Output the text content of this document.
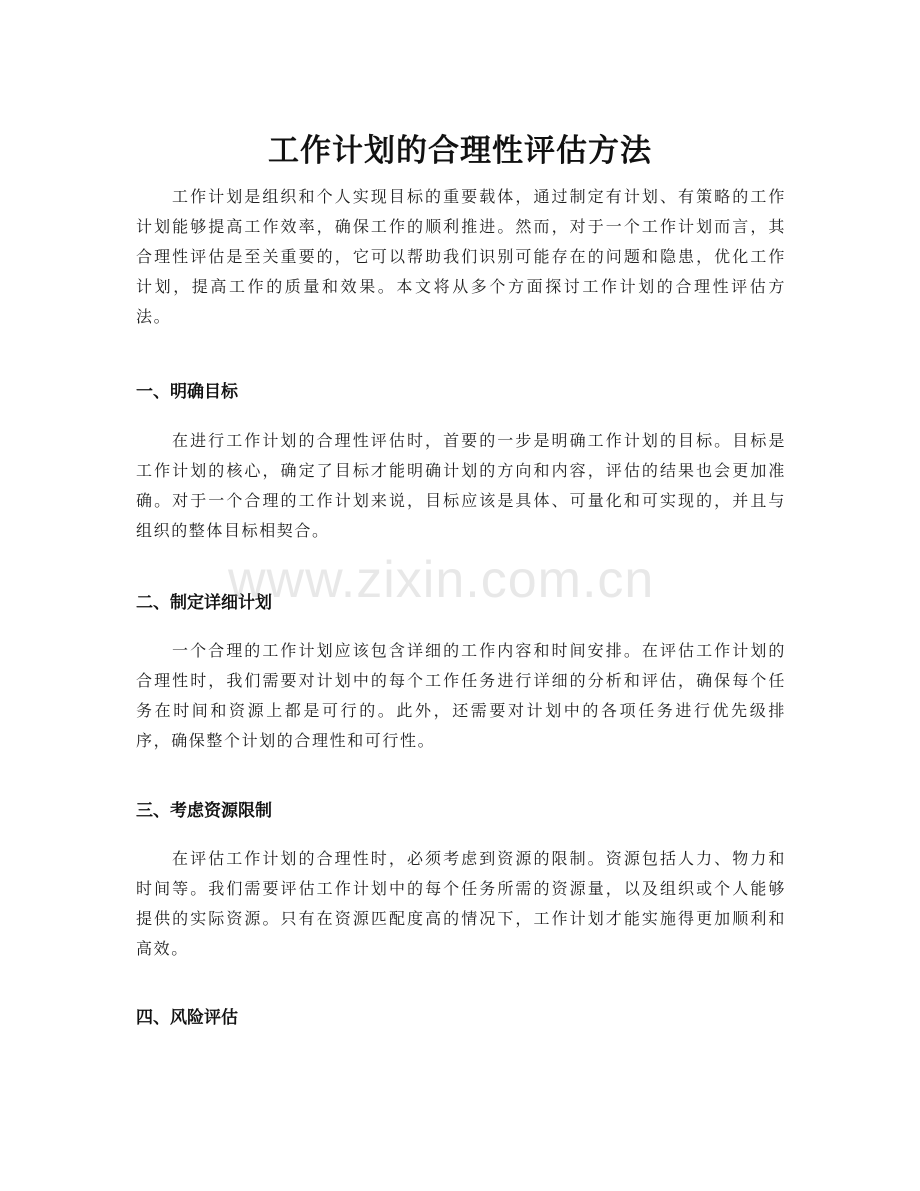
工作计划的合理性评估方法

工作计划是组织和个人实现目标的重要载体，通过制定有计划、有策略的工作计划能够提高工作效率，确保工作的顺利推进。然而，对于一个工作计划而言，其合理性评估是至关重要的，它可以帮助我们识别可能存在的问题和隐患，优化工作计划，提高工作的质量和效果。本文将从多个方面探讨工作计划的合理性评估方法。

一、明确目标

在进行工作计划的合理性评估时，首要的一步是明确工作计划的目标。目标是工作计划的核心，确定了目标才能明确计划的方向和内容，评估的结果也会更加准确。对于一个合理的工作计划来说，目标应该是具体、可量化和可实现的，并且与组织的整体目标相契合。

二、制定详细计划

一个合理的工作计划应该包含详细的工作内容和时间安排。在评估工作计划的合理性时，我们需要对计划中的每个工作任务进行详细的分析和评估，确保每个任务在时间和资源上都是可行的。此外，还需要对计划中的各项任务进行优先级排序，确保整个计划的合理性和可行性。

三、考虑资源限制

在评估工作计划的合理性时，必须考虑到资源的限制。资源包括人力、物力和时间等。我们需要评估工作计划中的每个任务所需的资源量，以及组织或个人能够提供的实际资源。只有在资源匹配度高的情况下，工作计划才能实施得更加顺利和高效。

四、风险评估
www.zixin.com.cn
